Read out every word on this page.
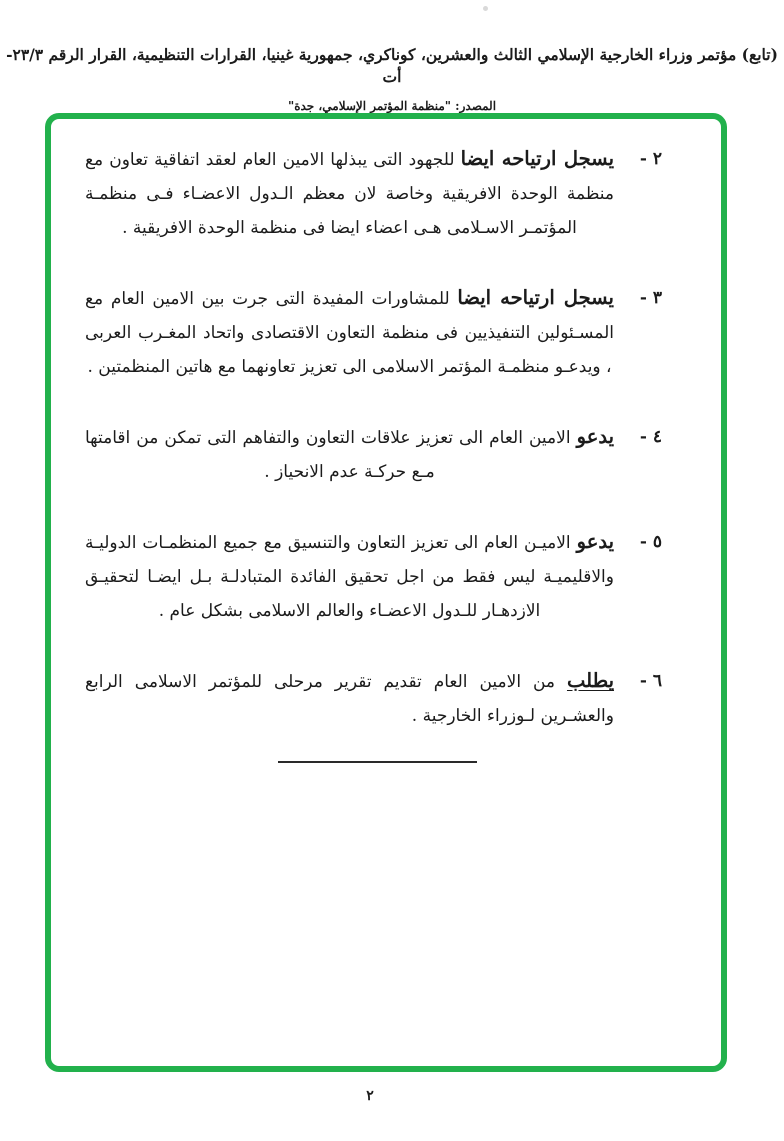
(تابع) مؤتمر وزراء الخارجية الإسلامي الثالث والعشرين، كوناكري، جمهورية غينيا، القرارات التنظيمية، القرار الرقم ٢٣/٣-أت
المصدر: "منظمة المؤتمر الإسلامي، جدة"
٢ -
يسجل ارتياحه ايضا للجهود التى يبذلها الامين العام لعقد اتفاقية تعاون مع منظمة الوحدة الافريقية وخاصة لان معظم الـدول الاعضـاء فـى منظمـة المؤتمـر الاسـلامى هـى اعضاء ايضا فى منظمة الوحدة الافريقية .
٣ -
يسجل ارتياحه ايضا للمشاورات المفيدة التى جرت بين الامين العام مع المسـئولين التنفيذيين فى منظمة التعاون الاقتصادى واتحاد المغـرب العربى ، ويدعـو منظمـة المؤتمر الاسلامى الى تعزيز تعاونهما مع هاتين المنظمتين .
٤ -
يدعو الامين العام الى تعزيز علاقات التعاون والتفاهم التى تمكن من اقامتها مـع حركـة عدم الانحياز .
٥ -
يدعو الاميـن العام الى تعزيز التعاون والتنسيق مع جميع المنظمـات الدوليـة والاقليميـة ليس فقط من اجل تحقيق الفائدة المتبادلـة بـل ايضـا لتحقيـق الازدهـار للـدول الاعضـاء والعالم الاسلامى بشكل عام .
٦ -
يطلب من الامين العام تقديم تقرير مرحلى للمؤتمر الاسلامى الرابع والعشـرين لـوزراء الخارجية .
٢
